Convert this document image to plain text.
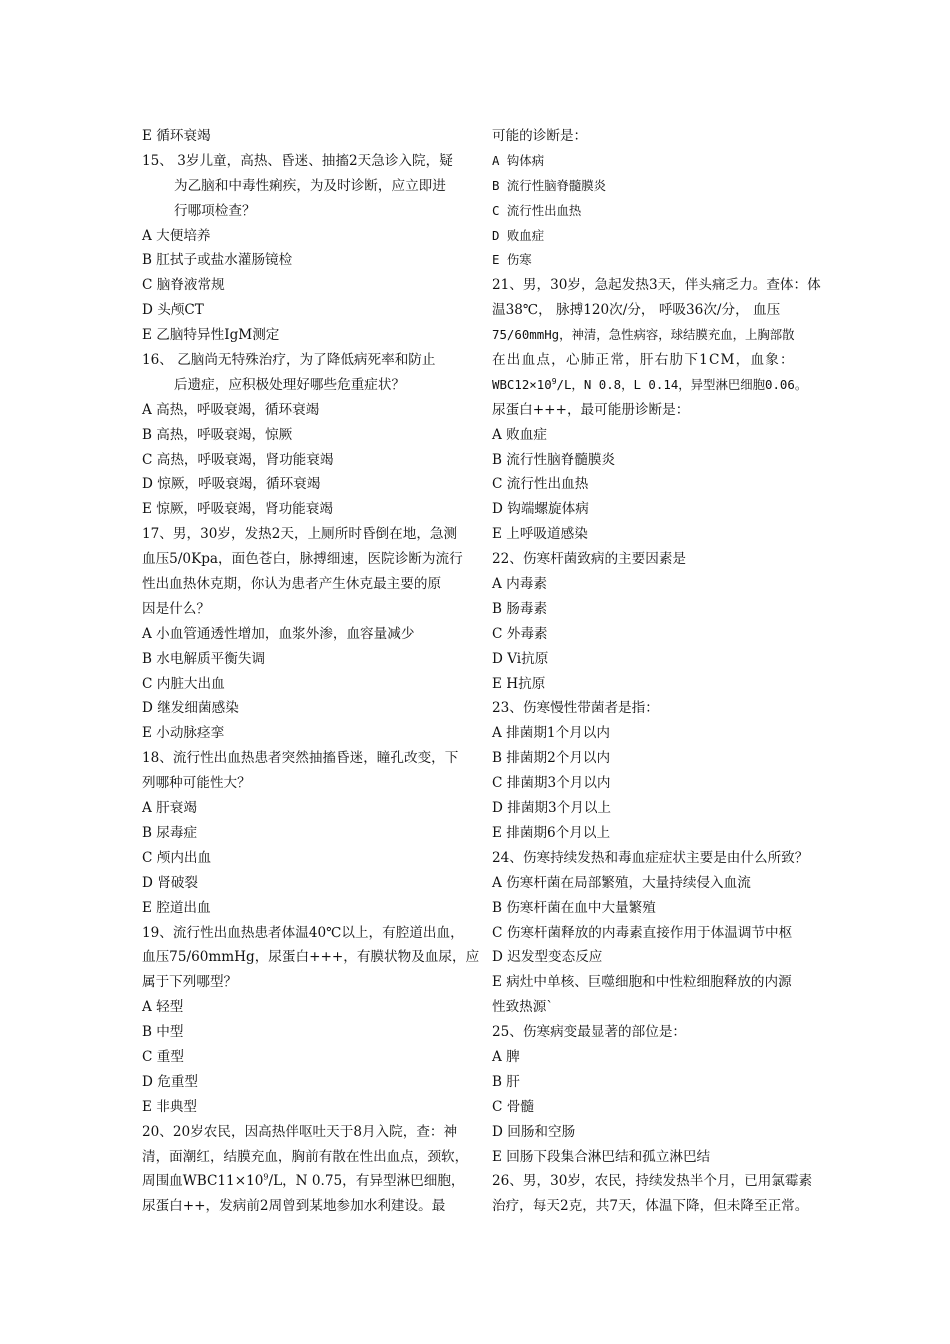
E 循环衰竭
15、 3岁儿童，高热、昏迷、抽搐2天急诊入院，疑
为乙脑和中毒性痢疾，为及时诊断，应立即进
行哪项检查？
A 大便培养
B 肛拭子或盐水灌肠镜检
C 脑脊液常规
D 头颅CT
E 乙脑特异性IgM测定
16、 乙脑尚无特殊治疗，为了降低病死率和防止
后遗症，应积极处理好哪些危重症状？
A 高热，呼吸衰竭，循环衰竭
B 高热，呼吸衰竭，惊厥
C 高热，呼吸衰竭，肾功能衰竭
D 惊厥，呼吸衰竭，循环衰竭
E 惊厥，呼吸衰竭，肾功能衰竭
17、男，30岁，发热2天，上厕所时昏倒在地，急测
血压5/0Kpa，面色苍白，脉搏细速，医院诊断为流行
性出血热休克期，你认为患者产生休克最主要的原
因是什么？
A 小血管通透性增加，血浆外渗，血容量减少
B 水电解质平衡失调
C 内脏大出血
D 继发细菌感染
E 小动脉痉挛
18、流行性出血热患者突然抽搐昏迷，瞳孔改变，下
列哪种可能性大？
A 肝衰竭
B 尿毒症
C 颅内出血
D 肾破裂
E 腔道出血
19、流行性出血热患者体温40℃以上，有腔道出血，
血压75/60mmHg，尿蛋白+++，有膜状物及血尿，应
属于下列哪型？
A 轻型
B 中型
C 重型
D 危重型
E 非典型
20、20岁农民，因高热伴呕吐天于8月入院，查：神
清，面潮红，结膜充血，胸前有散在性出血点，颈软，
周围血$WBC11\times 10^9/L$，N 0.75，有异型淋巴细胞，
尿蛋白++，发病前2周曾到某地参加水利建设。最
可能的诊断是：
A 钩体病
B 流行性脑脊髓膜炎
C 流行性出血热
D 败血症
E 伤寒
21、男，30岁，急起发热3天，伴头痛乏力。查体：体
温38℃， 脉搏120次/分， 呼吸36次/分， 血压
75/60mmHg，神清，急性病容，球结膜充血，上胸部散
在出血点，心肺正常，肝右肋下1CM，血象：
$WBC12\times 10^9/L$，N 0.8，L 0.14，异型淋巴细胞0.06。
尿蛋白+++，最可能册诊断是：
A 败血症
B 流行性脑脊髓膜炎
C 流行性出血热
D 钩端螺旋体病
E 上呼吸道感染
22、伤寒杆菌致病的主要因素是
A 内毒素
B 肠毒素
C 外毒素
D Vi抗原
E H抗原
23、伤寒慢性带菌者是指：
A 排菌期1个月以内
B 排菌期2个月以内
C 排菌期3个月以内
D 排菌期3个月以上
E 排菌期6个月以上
24、伤寒持续发热和毒血症症状主要是由什么所致？
A 伤寒杆菌在局部繁殖，大量持续侵入血流
B 伤寒杆菌在血中大量繁殖
C 伤寒杆菌释放的内毒素直接作用于体温调节中枢
D 迟发型变态反应
E 病灶中单核、巨噬细胞和中性粒细胞释放的内源
性致热源`
25、伤寒病变最显著的部位是：
A 脾
B 肝
C 骨髓
D 回肠和空肠
E 回肠下段集合淋巴结和孤立淋巴结
26、男，30岁，农民，持续发热半个月，已用氯霉素
治疗，每天2克，共7天，体温下降，但未降至正常。
